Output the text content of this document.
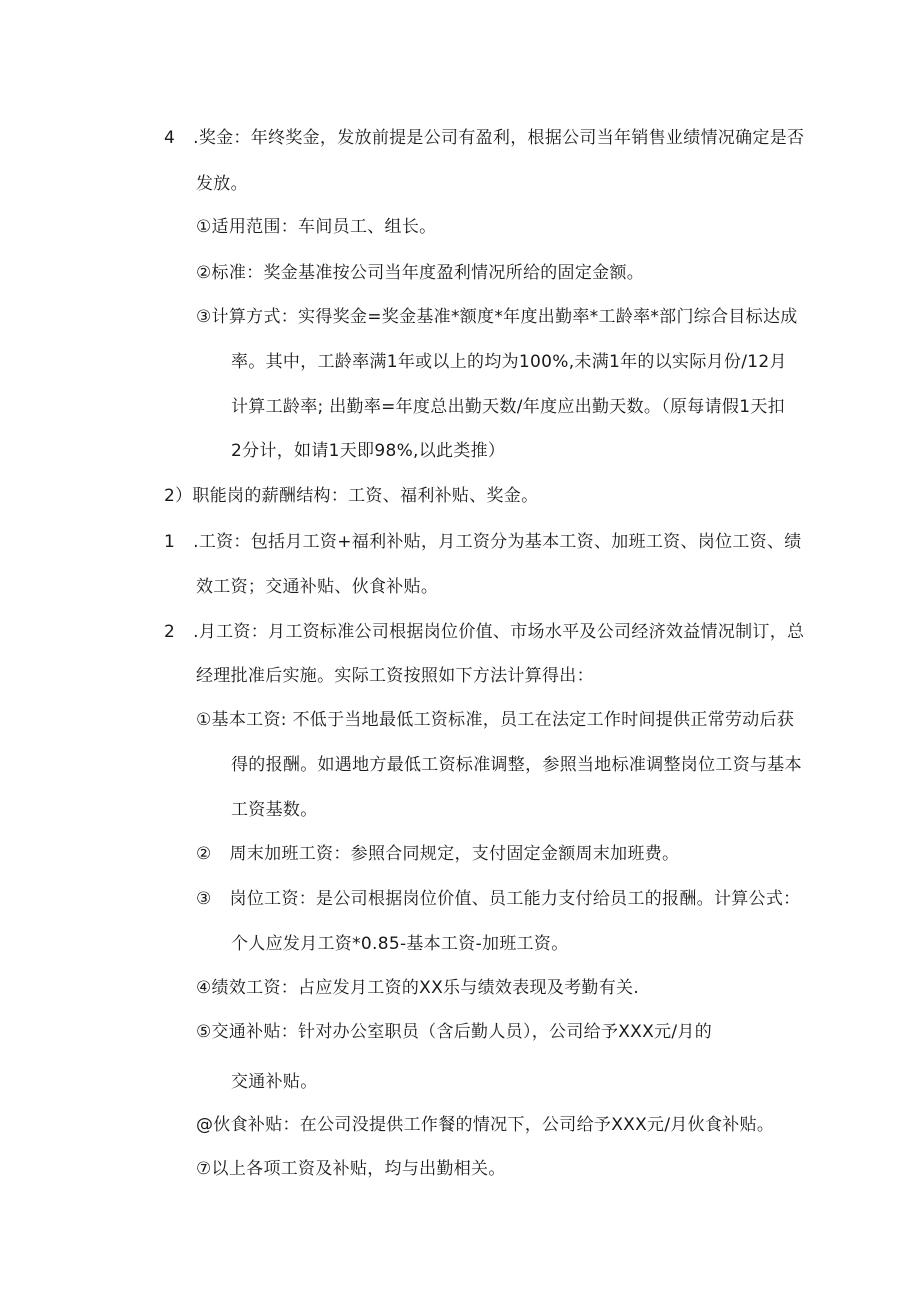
4 .奖金：年终奖金，发放前提是公司有盈利，根据公司当年销售业绩情况确定是否
发放。
①适用范围：车间员工、组长。
②标准：奖金基准按公司当年度盈利情况所给的固定金额。
③计算方式：实得奖金=奖金基准*额度*年度出勤率*工龄率*部门综合目标达成
率。其中，工龄率满1年或以上的均为100%,未满1年的以实际月份/12月
计算工龄率; 出勤率=年度总出勤天数/年度应出勤天数。（原每请假1天扣
2分计，如请1天即98%,以此类推）
2）职能岗的薪酬结构：工资、福利补贴、奖金。
1 .工资：包括月工资+福利补贴，月工资分为基本工资、加班工资、岗位工资、绩
效工资；交通补贴、伙食补贴。
2 .月工资：月工资标准公司根据岗位价值、市场水平及公司经济效益情况制订，总
经理批准后实施。实际工资按照如下方法计算得出：
①基本工资: 不低于当地最低工资标准，员工在法定工作时间提供正常劳动后获
得的报酬。如遇地方最低工资标准调整，参照当地标准调整岗位工资与基本
工资基数。
② 周末加班工资：参照合同规定，支付固定金额周末加班费。
③ 岗位工资：是公司根据岗位价值、员工能力支付给员工的报酬。计算公式：
个人应发月工资*0.85-基本工资-加班工资。
④绩效工资：占应发月工资的XX乐与绩效表现及考勤有关.
⑤交通补贴：针对办公室职员（含后勤人员），公司给予XXX元/月的
交通补贴。
@伙食补贴：在公司没提供工作餐的情况下，公司给予XXX元/月伙食补贴。
⑦以上各项工资及补贴，均与出勤相关。
